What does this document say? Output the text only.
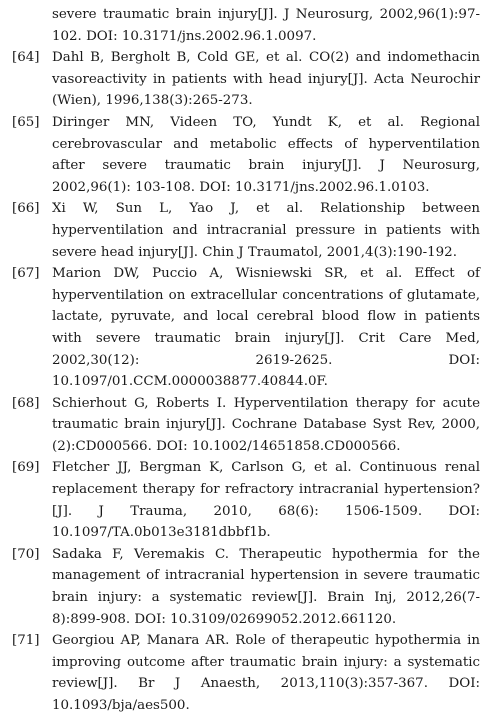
severe traumatic brain injury[J]. J Neurosurg, 2002,96(1):97-102. DOI: 10.3171/jns.2002.96.1.0097.
[64] Dahl B, Bergholt B, Cold GE, et al. CO(2) and indomethacin vasoreactivity in patients with head injury[J]. Acta Neurochir (Wien), 1996,138(3):265-273.
[65] Diringer MN, Videen TO, Yundt K, et al. Regional cerebrovascular and metabolic effects of hyperventilation after severe traumatic brain injury[J]. J Neurosurg, 2002,96(1): 103-108. DOI: 10.3171/jns.2002.96.1.0103.
[66] Xi W, Sun L, Yao J, et al. Relationship between hyperventilation and intracranial pressure in patients with severe head injury[J]. Chin J Traumatol, 2001,4(3):190-192.
[67] Marion DW, Puccio A, Wisniewski SR, et al. Effect of hyperventilation on extracellular concentrations of glutamate, lactate, pyruvate, and local cerebral blood flow in patients with severe traumatic brain injury[J]. Crit Care Med, 2002,30(12): 2619-2625. DOI: 10.1097/01.CCM.0000038877.40844.0F.
[68] Schierhout G, Roberts I. Hyperventilation therapy for acute traumatic brain injury[J]. Cochrane Database Syst Rev, 2000, (2):CD000566. DOI: 10.1002/14651858.CD000566.
[69] Fletcher JJ, Bergman K, Carlson G, et al. Continuous renal replacement therapy for refractory intracranial hypertension? [J]. J Trauma, 2010, 68(6): 1506-1509. DOI: 10.1097/TA.0b013e3181dbbf1b.
[70] Sadaka F, Veremakis C. Therapeutic hypothermia for the management of intracranial hypertension in severe traumatic brain injury: a systematic review[J]. Brain Inj, 2012,26(7-8):899-908. DOI: 10.3109/02699052.2012.661120.
[71] Georgiou AP, Manara AR. Role of therapeutic hypothermia in improving outcome after traumatic brain injury: a systematic review[J]. Br J Anaesth, 2013,110(3):357-367. DOI: 10.1093/bja/aes500.
